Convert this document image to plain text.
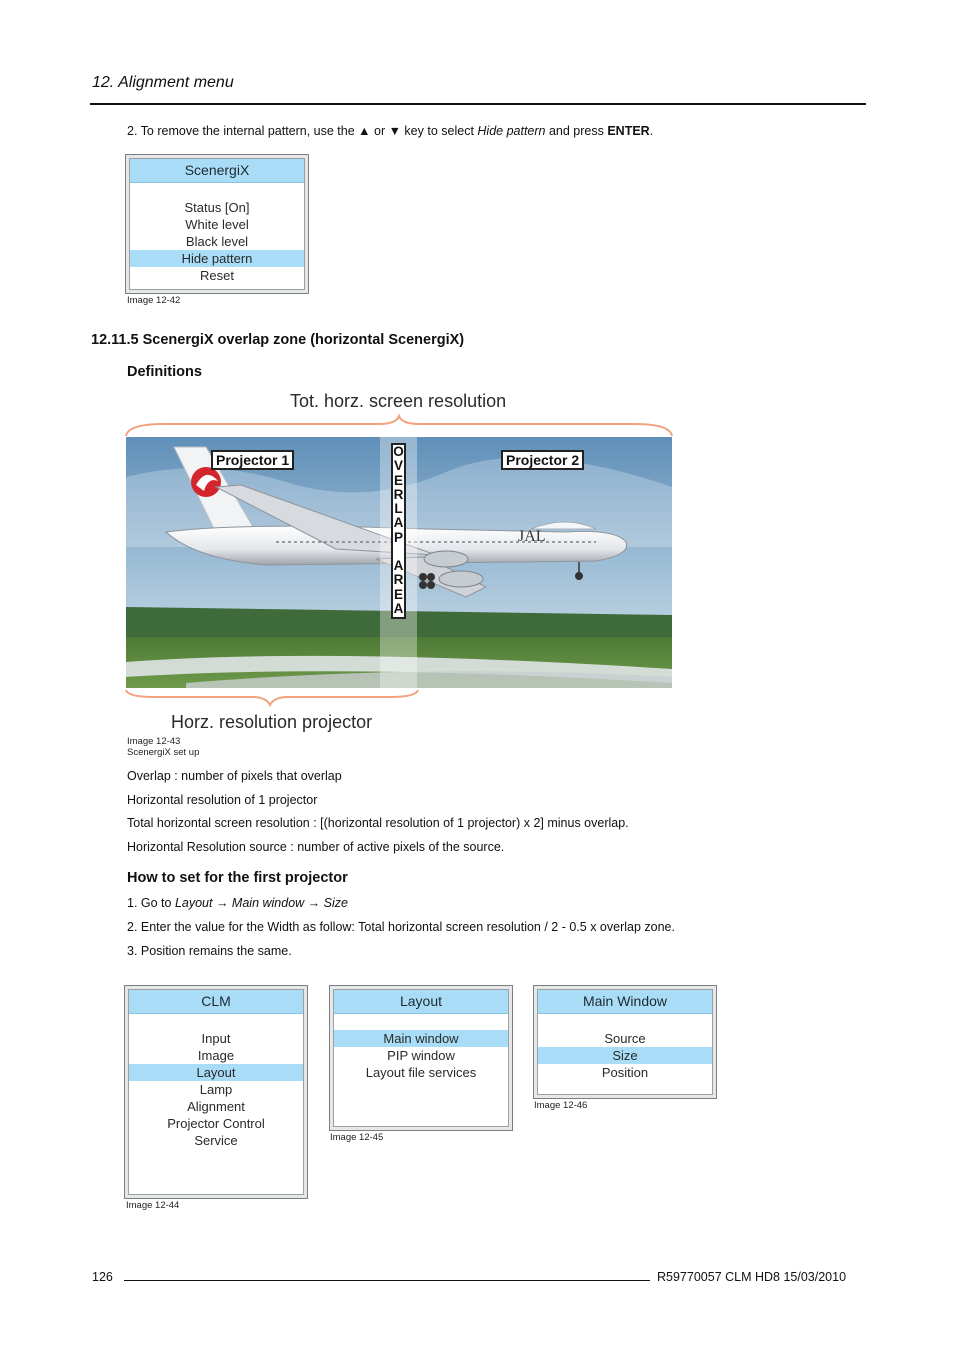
12. Alignment menu
2. To remove the internal pattern, use the ▲ or ▼ key to select Hide pattern and press ENTER.
ScenergiX
Status [On]
White level
Black level
Hide pattern
Reset
Image 12-42
12.11.5 ScenergiX overlap zone (horizontal ScenergiX)
Definitions
Tot. horz. screen resolution
JAL
Projector 1	Projector 2
O
V
E
R
L
A
P
A
R
E
A
Horz. resolution projector
Image 12-43
ScenergiX set up
Overlap : number of pixels that overlap
Horizontal resolution of 1 projector
Total horizontal screen resolution : [(horizontal resolution of 1 projector) x 2] minus overlap.
Horizontal Resolution source : number of active pixels of the source.
How to set for the first projector
1. Go to Layout → Main window → Size
2. Enter the value for the Width as follow: Total horizontal screen resolution / 2 - 0.5 x overlap zone.
3. Position remains the same.
CLM
Input
Image
Layout
Lamp
Alignment
Projector Control
Service
Image 12-44
Layout
Main window
PIP window
Layout file services
Image 12-45
Main Window
Source
Size
Position
Image 12-46
126	R59770057 CLM HD8 15/03/2010
